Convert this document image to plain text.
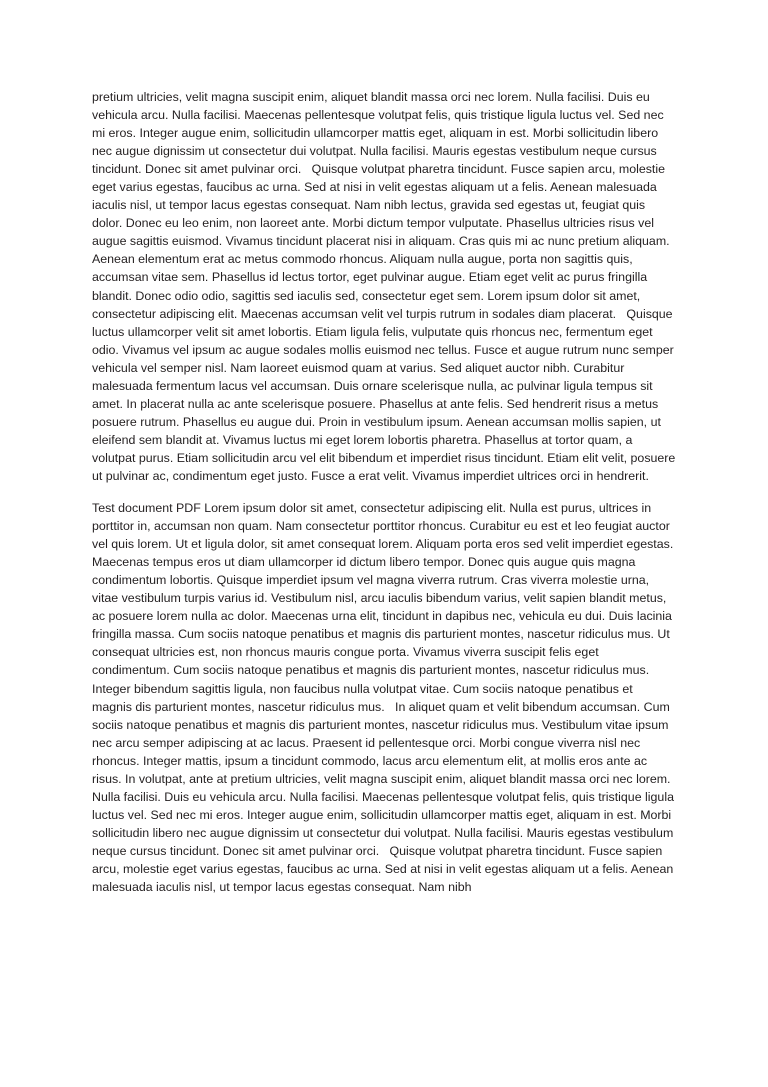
pretium ultricies, velit magna suscipit enim, aliquet blandit massa orci nec lorem. Nulla facilisi. Duis eu vehicula arcu. Nulla facilisi. Maecenas pellentesque volutpat felis, quis tristique ligula luctus vel. Sed nec mi eros. Integer augue enim, sollicitudin ullamcorper mattis eget, aliquam in est. Morbi sollicitudin libero nec augue dignissim ut consectetur dui volutpat. Nulla facilisi. Mauris egestas vestibulum neque cursus tincidunt. Donec sit amet pulvinar orci.   Quisque volutpat pharetra tincidunt. Fusce sapien arcu, molestie eget varius egestas, faucibus ac urna. Sed at nisi in velit egestas aliquam ut a felis. Aenean malesuada iaculis nisl, ut tempor lacus egestas consequat. Nam nibh lectus, gravida sed egestas ut, feugiat quis dolor. Donec eu leo enim, non laoreet ante. Morbi dictum tempor vulputate. Phasellus ultricies risus vel augue sagittis euismod. Vivamus tincidunt placerat nisi in aliquam. Cras quis mi ac nunc pretium aliquam. Aenean elementum erat ac metus commodo rhoncus. Aliquam nulla augue, porta non sagittis quis, accumsan vitae sem. Phasellus id lectus tortor, eget pulvinar augue. Etiam eget velit ac purus fringilla blandit. Donec odio odio, sagittis sed iaculis sed, consectetur eget sem. Lorem ipsum dolor sit amet, consectetur adipiscing elit. Maecenas accumsan velit vel turpis rutrum in sodales diam placerat.   Quisque luctus ullamcorper velit sit amet lobortis. Etiam ligula felis, vulputate quis rhoncus nec, fermentum eget odio. Vivamus vel ipsum ac augue sodales mollis euismod nec tellus. Fusce et augue rutrum nunc semper vehicula vel semper nisl. Nam laoreet euismod quam at varius. Sed aliquet auctor nibh. Curabitur malesuada fermentum lacus vel accumsan. Duis ornare scelerisque nulla, ac pulvinar ligula tempus sit amet. In placerat nulla ac ante scelerisque posuere. Phasellus at ante felis. Sed hendrerit risus a metus posuere rutrum. Phasellus eu augue dui. Proin in vestibulum ipsum. Aenean accumsan mollis sapien, ut eleifend sem blandit at. Vivamus luctus mi eget lorem lobortis pharetra. Phasellus at tortor quam, a volutpat purus. Etiam sollicitudin arcu vel elit bibendum et imperdiet risus tincidunt. Etiam elit velit, posuere ut pulvinar ac, condimentum eget justo. Fusce a erat velit. Vivamus imperdiet ultrices orci in hendrerit.

Test document PDF Lorem ipsum dolor sit amet, consectetur adipiscing elit. Nulla est purus, ultrices in porttitor in, accumsan non quam. Nam consectetur porttitor rhoncus. Curabitur eu est et leo feugiat auctor vel quis lorem. Ut et ligula dolor, sit amet consequat lorem. Aliquam porta eros sed velit imperdiet egestas. Maecenas tempus eros ut diam ullamcorper id dictum libero tempor. Donec quis augue quis magna condimentum lobortis. Quisque imperdiet ipsum vel magna viverra rutrum. Cras viverra molestie urna, vitae vestibulum turpis varius id. Vestibulum nisl, arcu iaculis bibendum varius, velit sapien blandit metus, ac posuere lorem nulla ac dolor. Maecenas urna elit, tincidunt in dapibus nec, vehicula eu dui. Duis lacinia fringilla massa. Cum sociis natoque penatibus et magnis dis parturient montes, nascetur ridiculus mus. Ut consequat ultricies est, non rhoncus mauris congue porta. Vivamus viverra suscipit felis eget condimentum. Cum sociis natoque penatibus et magnis dis parturient montes, nascetur ridiculus mus. Integer bibendum sagittis ligula, non faucibus nulla volutpat vitae. Cum sociis natoque penatibus et magnis dis parturient montes, nascetur ridiculus mus.   In aliquet quam et velit bibendum accumsan. Cum sociis natoque penatibus et magnis dis parturient montes, nascetur ridiculus mus. Vestibulum vitae ipsum nec arcu semper adipiscing at ac lacus. Praesent id pellentesque orci. Morbi congue viverra nisl nec rhoncus. Integer mattis, ipsum a tincidunt commodo, lacus arcu elementum elit, at mollis eros ante ac risus. In volutpat, ante at pretium ultricies, velit magna suscipit enim, aliquet blandit massa orci nec lorem. Nulla facilisi. Duis eu vehicula arcu. Nulla facilisi. Maecenas pellentesque volutpat felis, quis tristique ligula luctus vel. Sed nec mi eros. Integer augue enim, sollicitudin ullamcorper mattis eget, aliquam in est. Morbi sollicitudin libero nec augue dignissim ut consectetur dui volutpat. Nulla facilisi. Mauris egestas vestibulum neque cursus tincidunt. Donec sit amet pulvinar orci.   Quisque volutpat pharetra tincidunt. Fusce sapien arcu, molestie eget varius egestas, faucibus ac urna. Sed at nisi in velit egestas aliquam ut a felis. Aenean malesuada iaculis nisl, ut tempor lacus egestas consequat. Nam nibh
